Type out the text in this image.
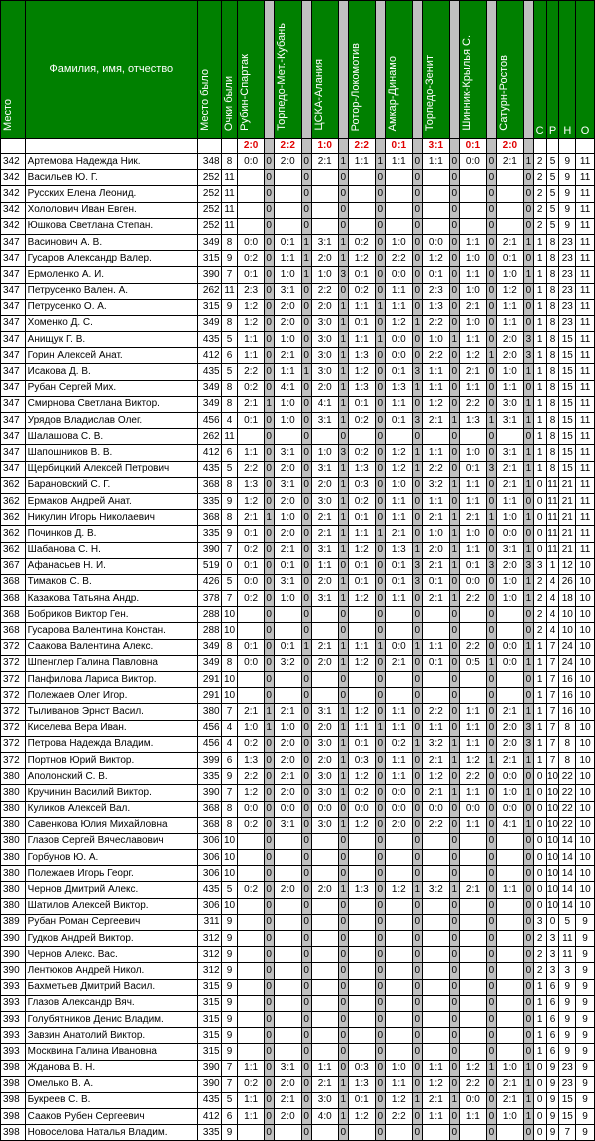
Место	Фамилия, имя, отчество	Место было	Очки были	Рубин-Спартак		Торпедо-Мет.-Кубань		ЦСКА-Алания		Ротор-Локомотив		Амкар-Динамо		Торпедо-Зенит		Шинник-Крылья С.		Сатурн-Ростов		С	Р	Н	О
				2:0		2:2		1:0		2:2		0:1		3:1		0:1		2:0					
342	Артемова Надежда Ник.	348	8	0:0	0	2:0	0	2:1	1	1:1	1	1:1	0	1:1	0	0:0	0	2:1	1	2	5	9	11
342	Васильев Ю. Г.	252	11		0		0		0		0		0		0		0		0	2	5	9	11
342	Русских Елена Леонид.	252	11		0		0		0		0		0		0		0		0	2	5	9	11
342	Хололович Иван Евген.	252	11		0		0		0		0		0		0		0		0	2	5	9	11
342	Юшкова Светлана Степан.	252	11		0		0		0		0		0		0		0		0	2	5	9	11
347	Васинович А. В.	349	8	0:0	0	0:1	1	3:1	1	0:2	0	1:0	0	0:0	0	1:1	0	2:1	1	1	8	23	11
347	Гусаров Александр Валер.	315	9	0:2	0	1:1	1	2:0	1	1:2	0	2:2	0	1:2	0	1:0	0	0:1	0	1	8	23	11
347	Ермоленко А. И.	390	7	0:1	0	1:0	1	1:0	3	0:1	0	0:0	0	0:1	0	1:1	0	1:0	1	1	8	23	11
347	Петрусенко Вален. А.	262	11	2:3	0	3:1	0	2:2	0	0:2	0	1:1	0	2:3	0	1:0	0	1:2	0	1	8	23	11
347	Петрусенко О. А.	315	9	1:2	0	2:0	0	2:0	1	1:1	1	1:1	0	1:3	0	2:1	0	1:1	0	1	8	23	11
347	Хоменко Д. С.	349	8	1:2	0	2:0	0	3:0	1	0:1	0	1:2	1	2:2	0	1:0	0	1:1	0	1	8	23	11
347	Анищук Г. В.	435	5	1:1	0	1:0	0	3:0	1	1:1	1	0:0	0	1:0	1	1:1	0	2:0	3	1	8	15	11
347	Горин Алексей Анат.	412	6	1:1	0	2:1	0	3:0	1	1:3	0	0:0	0	2:2	0	1:2	1	2:0	3	1	8	15	11
347	Исакова Д. В.	435	5	2:2	0	1:1	1	3:0	1	1:2	0	0:1	3	1:1	0	2:1	0	1:0	1	1	8	15	11
347	Рубан Сергей Мих.	349	8	0:2	0	4:1	0	2:0	1	1:3	0	1:3	1	1:1	0	1:1	0	1:1	0	1	8	15	11
347	Смирнова Светлана Виктор.	349	8	2:1	1	1:0	0	4:1	1	0:1	0	1:1	0	1:2	0	2:2	0	3:0	1	1	8	15	11
347	Урядов Владислав Олег.	456	4	0:1	0	1:0	0	3:1	1	0:2	0	0:1	3	2:1	1	1:3	1	3:1	1	1	8	15	11
347	Шалашова С. В.	262	11		0		0		0		0		0		0		0		0	1	8	15	11
347	Шапошников В. В.	412	6	1:1	0	3:1	0	1:0	3	0:2	0	1:2	1	1:1	0	1:0	0	3:1	1	1	8	15	11
347	Щербицкий Алексей Петрович	435	5	2:2	0	2:0	0	3:1	1	1:3	0	1:2	1	2:2	0	0:1	3	2:1	1	1	8	15	11
362	Барановский С. Г.	368	8	1:3	0	3:1	0	2:0	1	0:3	0	1:0	0	3:2	1	1:1	0	2:1	1	0	11	21	11
362	Ермаков Андрей Анат.	335	9	1:2	0	2:0	0	3:0	1	0:2	0	1:1	0	1:1	0	1:1	0	1:1	0	0	11	21	11
362	Никулин Игорь Николаевич	368	8	2:1	1	1:0	0	2:1	1	0:1	0	1:1	0	2:1	1	2:1	1	1:0	1	0	11	21	11
362	Починков Д. В.	335	9	0:1	0	2:0	0	2:1	1	1:1	1	2:1	0	1:0	1	1:0	0	0:0	0	0	11	21	11
362	Шабанова С. Н.	390	7	0:2	0	2:1	0	3:1	1	1:2	0	1:3	1	2:0	1	1:1	0	3:1	1	0	11	21	11
367	Афанасьев Н. И.	519	0	0:1	0	0:1	0	1:1	0	0:1	0	0:1	3	2:1	1	0:1	3	2:0	3	3	1	12	10
368	Тимаков С. В.	426	5	0:0	0	3:1	0	2:0	1	0:1	0	0:1	3	0:1	0	0:0	0	1:0	1	2	4	26	10
368	Казакова Татьяна Андр.	378	7	0:2	0	1:0	0	3:1	1	1:2	0	1:1	0	2:1	1	2:2	0	1:0	1	2	4	18	10
368	Бобриков Виктор Ген.	288	10		0		0		0		0		0		0		0		0	2	4	10	10
368	Гусарова Валентина Констан.	288	10		0		0		0		0		0		0		0		0	2	4	10	10
372	Саакова Валентина Алекс.	349	8	0:1	0	0:1	1	2:1	1	1:1	1	0:0	1	1:1	0	2:2	0	0:0	1	1	7	24	10
372	Шпенглер Галина Павловна	349	8	0:0	0	3:2	0	2:0	1	1:2	0	2:1	0	0:1	0	0:5	1	0:0	1	1	7	24	10
372	Панфилова Лариса Виктор.	291	10		0		0		0		0		0		0		0		0	1	7	16	10
372	Полежаев Олег Игор.	291	10		0		0		0		0		0		0		0		0	1	7	16	10
372	Тыливанов Эрнст Васил.	380	7	2:1	1	2:1	0	3:1	1	1:2	0	1:1	0	2:2	0	1:1	0	2:1	1	1	7	16	10
372	Киселева Вера Иван.	456	4	1:0	1	1:0	0	2:0	1	1:1	1	1:1	0	1:1	0	1:1	0	2:0	3	1	7	8	10
372	Петрова Надежда Владим.	456	4	0:2	0	2:0	0	3:0	1	0:1	0	0:2	1	3:2	1	1:1	0	2:0	3	1	7	8	10
372	Портнов Юрий Виктор.	399	6	1:3	0	2:0	0	2:0	1	0:3	0	1:1	0	2:1	1	1:2	1	2:1	1	1	7	8	10
380	Аполонский С. В.	335	9	2:2	0	2:1	0	3:0	1	1:2	0	1:1	0	1:2	0	2:2	0	0:0	0	0	10	22	10
380	Кручинин Василий Виктор.	390	7	1:2	0	2:0	0	3:0	1	0:2	0	0:0	0	2:1	1	1:1	0	1:0	1	0	10	22	10
380	Куликов Алексей Вал.	368	8	0:0	0	0:0	0	0:0	0	0:0	0	0:0	0	0:0	0	0:0	0	0:0	0	0	10	22	10
380	Савенкова Юлия Михайловна	368	8	0:2	0	3:1	0	3:0	1	1:2	0	2:0	0	2:2	0	1:1	0	4:1	1	0	10	22	10
380	Глазов Сергей Вячеславович	306	10		0		0		0		0		0		0		0		0	0	10	14	10
380	Горбунов Ю. А.	306	10		0		0		0		0		0		0		0		0	0	10	14	10
380	Полежаев Игорь Георг.	306	10		0		0		0		0		0		0		0		0	0	10	14	10
380	Чернов Дмитрий Алекс.	435	5	0:2	0	2:0	0	2:0	1	1:3	0	1:2	1	3:2	1	2:1	0	1:1	0	0	10	14	10
380	Шатилов Алексей Виктор.	306	10		0		0		0		0		0		0		0		0	0	10	14	10
389	Рубан Роман Сергеевич	311	9		0		0		0		0		0		0		0		0	3	0	5	9
390	Гудков Андрей Виктор.	312	9		0		0		0		0		0		0		0		0	2	3	11	9
390	Чернов Алекс. Вас.	312	9		0		0		0		0		0		0		0		0	2	3	11	9
390	Лентюков Андрей Никол.	312	9		0		0		0		0		0		0		0		0	2	3	3	9
393	Бахметьев Дмитрий Васил.	315	9		0		0		0		0		0		0		0		0	1	6	9	9
393	Глазов Александр Вяч.	315	9		0		0		0		0		0		0		0		0	1	6	9	9
393	Голубятников Денис Владим.	315	9		0		0		0		0		0		0		0		0	1	6	9	9
393	Завзин Анатолий Виктор.	315	9		0		0		0		0		0		0		0		0	1	6	9	9
393	Москвина Галина Ивановна	315	9		0		0		0		0		0		0		0		0	1	6	9	9
398	Жданова В. Н.	390	7	1:1	0	3:1	0	1:1	0	0:3	0	1:0	0	1:1	0	1:2	1	1:0	1	0	9	23	9
398	Омелько В. А.	390	7	0:2	0	2:0	0	2:1	1	1:3	0	1:1	0	1:2	0	2:2	0	2:1	1	0	9	23	9
398	Букреев С. В.	435	5	1:1	0	2:1	0	3:0	1	0:1	0	1:2	1	2:1	1	0:0	0	2:1	1	0	9	15	9
398	Сааков Рубен Сергеевич	412	6	1:1	0	2:0	0	4:0	1	1:2	0	2:2	0	1:1	0	1:1	0	1:0	1	0	9	15	9
398	Новоселова Наталья Владим.	335	9		0		0		0		0		0		0		0		0	0	9	7	9
